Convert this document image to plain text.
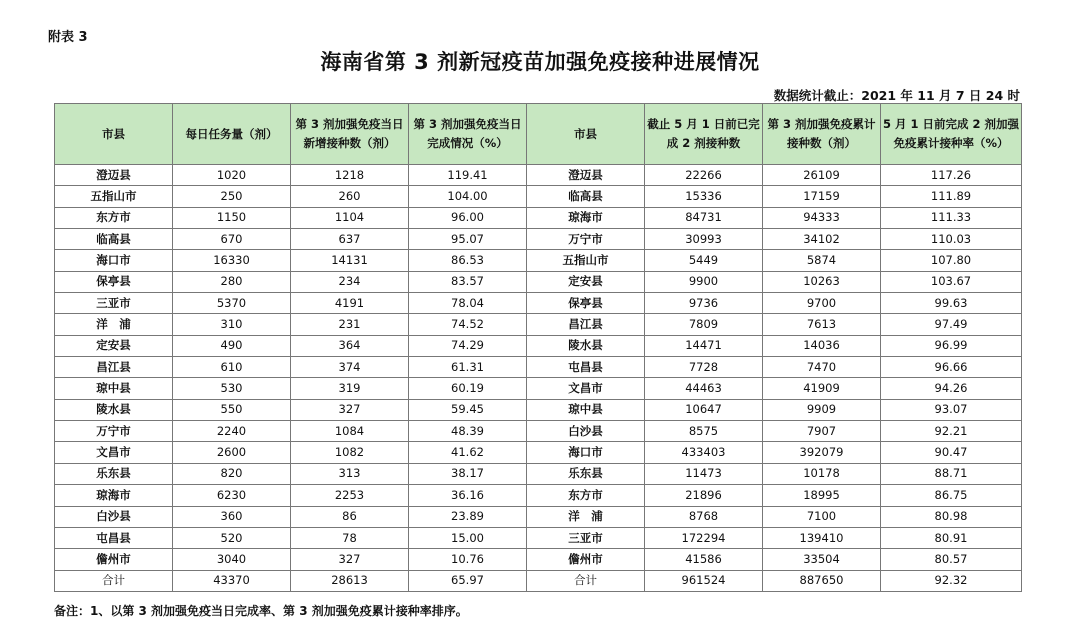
附表 3
海南省第 3 剂新冠疫苗加强免疫接种进展情况
数据统计截止：2021 年 11 月 7 日 24 时
市县	每日任务量（剂）	第 3 剂加强免疫当日新增接种数（剂）	第 3 剂加强免疫当日完成情况（%）	市县	截止 5 月 1 日前已完成 2 剂接种数	第 3 剂加强免疫累计接种数（剂）	5 月 1 日前完成 2 剂加强免疫累计接种率（%）
澄迈县	1020	1218	119.41	澄迈县	22266	26109	117.26
五指山市	250	260	104.00	临高县	15336	17159	111.89
东方市	1150	1104	96.00	琼海市	84731	94333	111.33
临高县	670	637	95.07	万宁市	30993	34102	110.03
海口市	16330	14131	86.53	五指山市	5449	5874	107.80
保亭县	280	234	83.57	定安县	9900	10263	103.67
三亚市	5370	4191	78.04	保亭县	9736	9700	99.63
洋　浦	310	231	74.52	昌江县	7809	7613	97.49
定安县	490	364	74.29	陵水县	14471	14036	96.99
昌江县	610	374	61.31	屯昌县	7728	7470	96.66
琼中县	530	319	60.19	文昌市	44463	41909	94.26
陵水县	550	327	59.45	琼中县	10647	9909	93.07
万宁市	2240	1084	48.39	白沙县	8575	7907	92.21
文昌市	2600	1082	41.62	海口市	433403	392079	90.47
乐东县	820	313	38.17	乐东县	11473	10178	88.71
琼海市	6230	2253	36.16	东方市	21896	18995	86.75
白沙县	360	86	23.89	洋　浦	8768	7100	80.98
屯昌县	520	78	15.00	三亚市	172294	139410	80.91
儋州市	3040	327	10.76	儋州市	41586	33504	80.57
合计	43370	28613	65.97	合计	961524	887650	92.32
备注：1、以第 3 剂加强免疫当日完成率、第 3 剂加强免疫累计接种率排序。
